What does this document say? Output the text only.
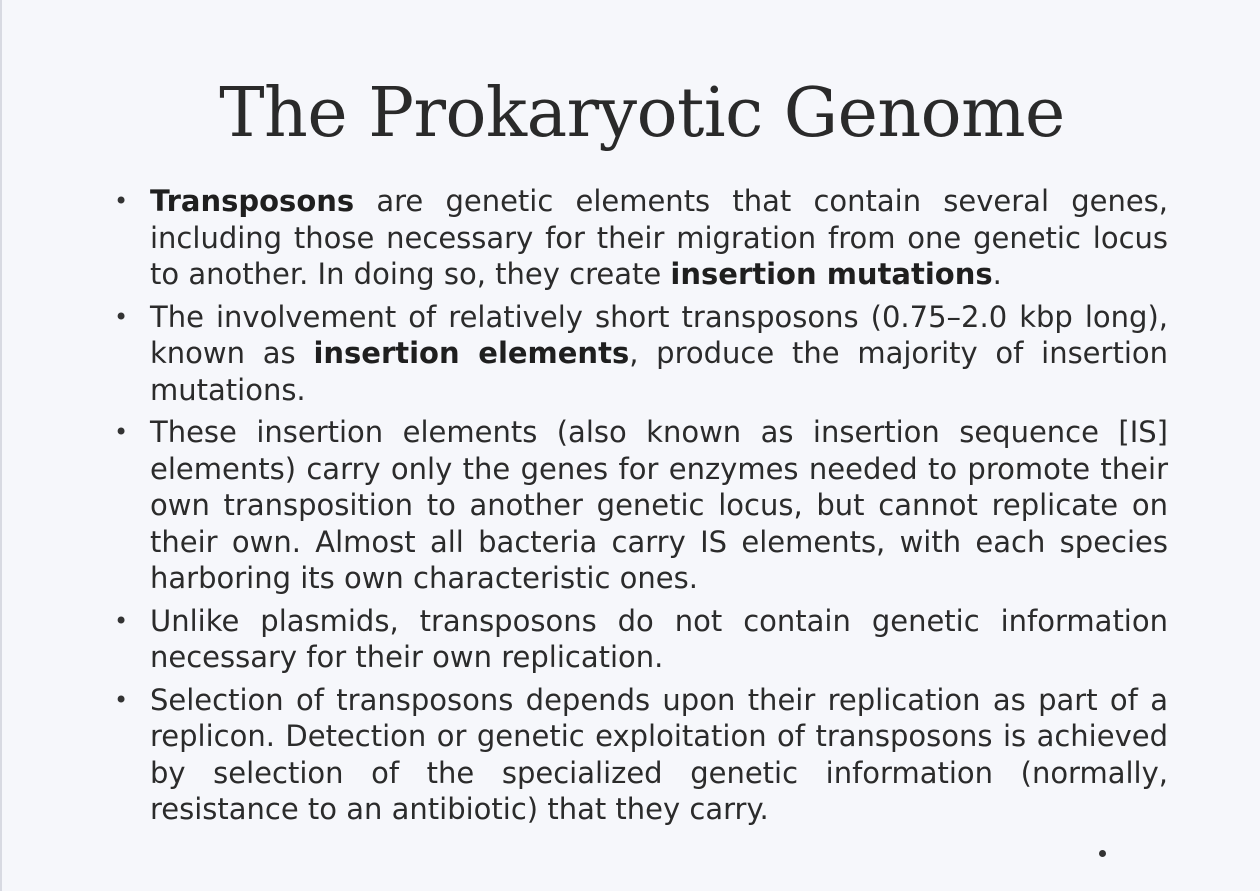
The Prokaryotic Genome
• Transposons are genetic elements that contain several genes, including those necessary for their migration from one genetic locus to another. In doing so, they create insertion mutations.
• The involvement of relatively short transposons (0.75–2.0 kbp long), known as insertion elements, produce the majority of insertion mutations.
• These insertion elements (also known as insertion sequence [IS] elements) carry only the genes for enzymes needed to promote their own transposition to another genetic locus, but cannot replicate on their own. Almost all bacteria carry IS elements, with each species harboring its own characteristic ones.
• Unlike plasmids, transposons do not contain genetic information necessary for their own replication.
• Selection of transposons depends upon their replication as part of a replicon. Detection or genetic exploitation of transposons is achieved by selection of the specialized genetic information (normally, resistance to an antibiotic) that they carry.
